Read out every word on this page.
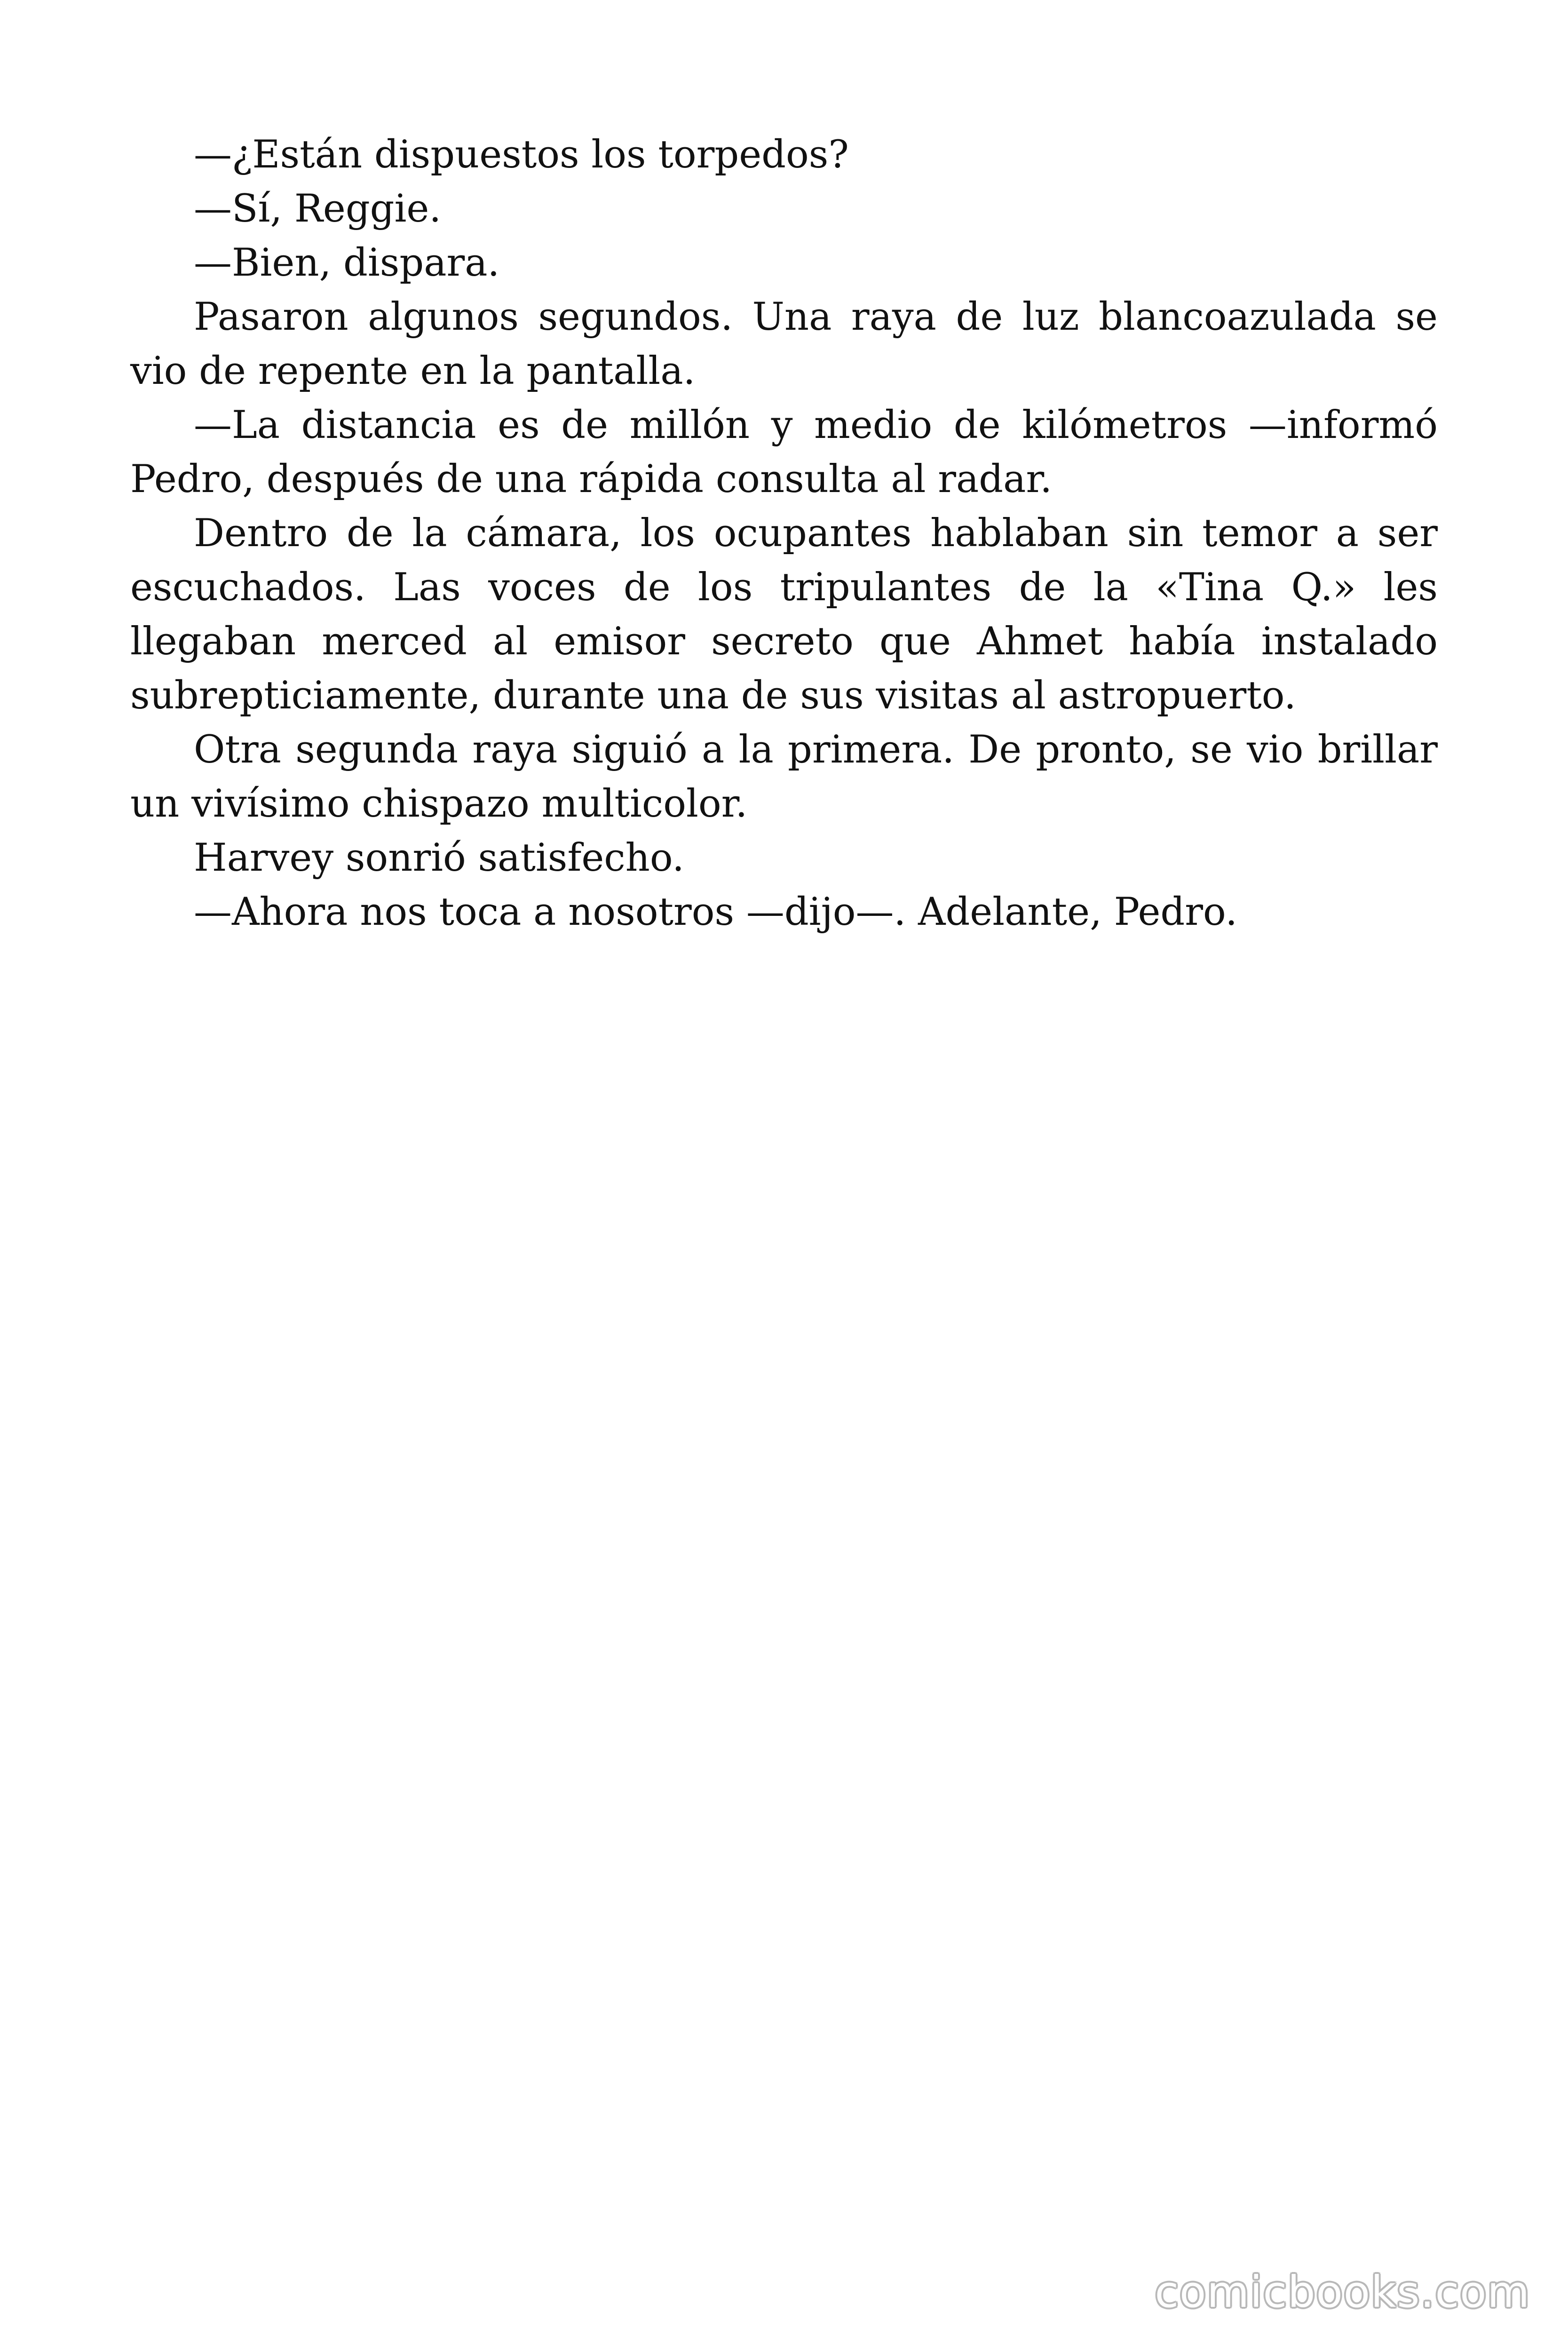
—¿Están dispuestos los torpedos?

—Sí, Reggie.

—Bien, dispara.

Pasaron algunos segundos. Una raya de luz blancoazulada se vio de repente en la pantalla.

—La distancia es de millón y medio de kilómetros —informó Pedro, después de una rápida consulta al radar.

Dentro de la cámara, los ocupantes hablaban sin temor a ser escuchados. Las voces de los tripulantes de la «Tina Q.» les llegaban merced al emisor secreto que Ahmet había instalado subrepticiamente, durante una de sus visitas al astropuerto.

Otra segunda raya siguió a la primera. De pronto, se vio brillar un vivísimo chispazo multicolor.

Harvey sonrió satisfecho.

—Ahora nos toca a nosotros —dijo—. Adelante, Pedro.

comicbooks.com
